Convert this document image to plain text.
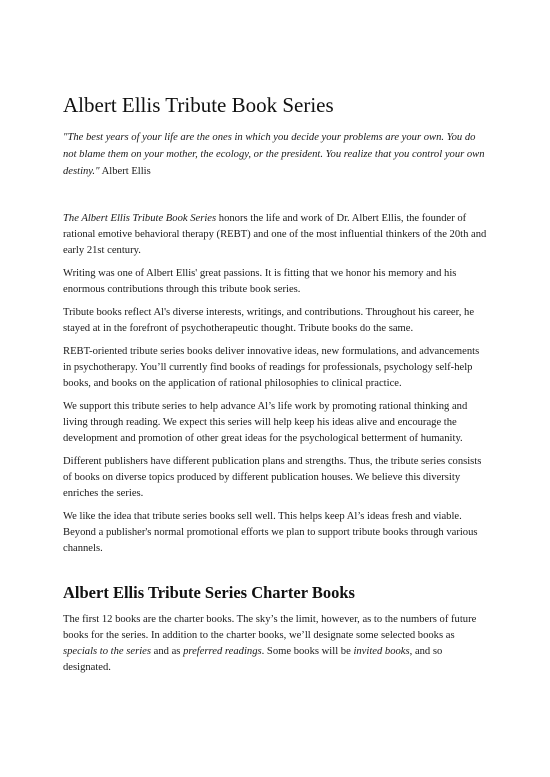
Albert Ellis Tribute Book Series

"The best years of your life are the ones in which you decide your problems are your own. You do not blame them on your mother, the ecology, or the president. You realize that you control your own destiny." Albert Ellis

The Albert Ellis Tribute Book Series honors the life and work of Dr. Albert Ellis, the founder of rational emotive behavioral therapy (REBT) and one of the most influential thinkers of the 20th and early 21st century.

Writing was one of Albert Ellis' great passions. It is fitting that we honor his memory and his enormous contributions through this tribute book series.

Tribute books reflect Al's diverse interests, writings, and contributions. Throughout his career, he stayed at in the forefront of psychotherapeutic thought. Tribute books do the same.

REBT-oriented tribute series books deliver innovative ideas, new formulations, and advancements in psychotherapy. You’ll currently find books of readings for professionals, psychology self-help books, and books on the application of rational philosophies to clinical practice.

We support this tribute series to help advance Al’s life work by promoting rational thinking and living through reading. We expect this series will help keep his ideas alive and encourage the development and promotion of other great ideas for the psychological betterment of humanity.

Different publishers have different publication plans and strengths. Thus, the tribute series consists of books on diverse topics produced by different publication houses. We believe this diversity enriches the series.

We like the idea that tribute series books sell well. This helps keep Al’s ideas fresh and viable. Beyond a publisher's normal promotional efforts we plan to support tribute books through various channels.

Albert Ellis Tribute Series Charter Books

The first 12 books are the charter books. The sky’s the limit, however, as to the numbers of future books for the series. In addition to the charter books, we’ll designate some selected books as specials to the series and as preferred readings. Some books will be invited books, and so designated.
